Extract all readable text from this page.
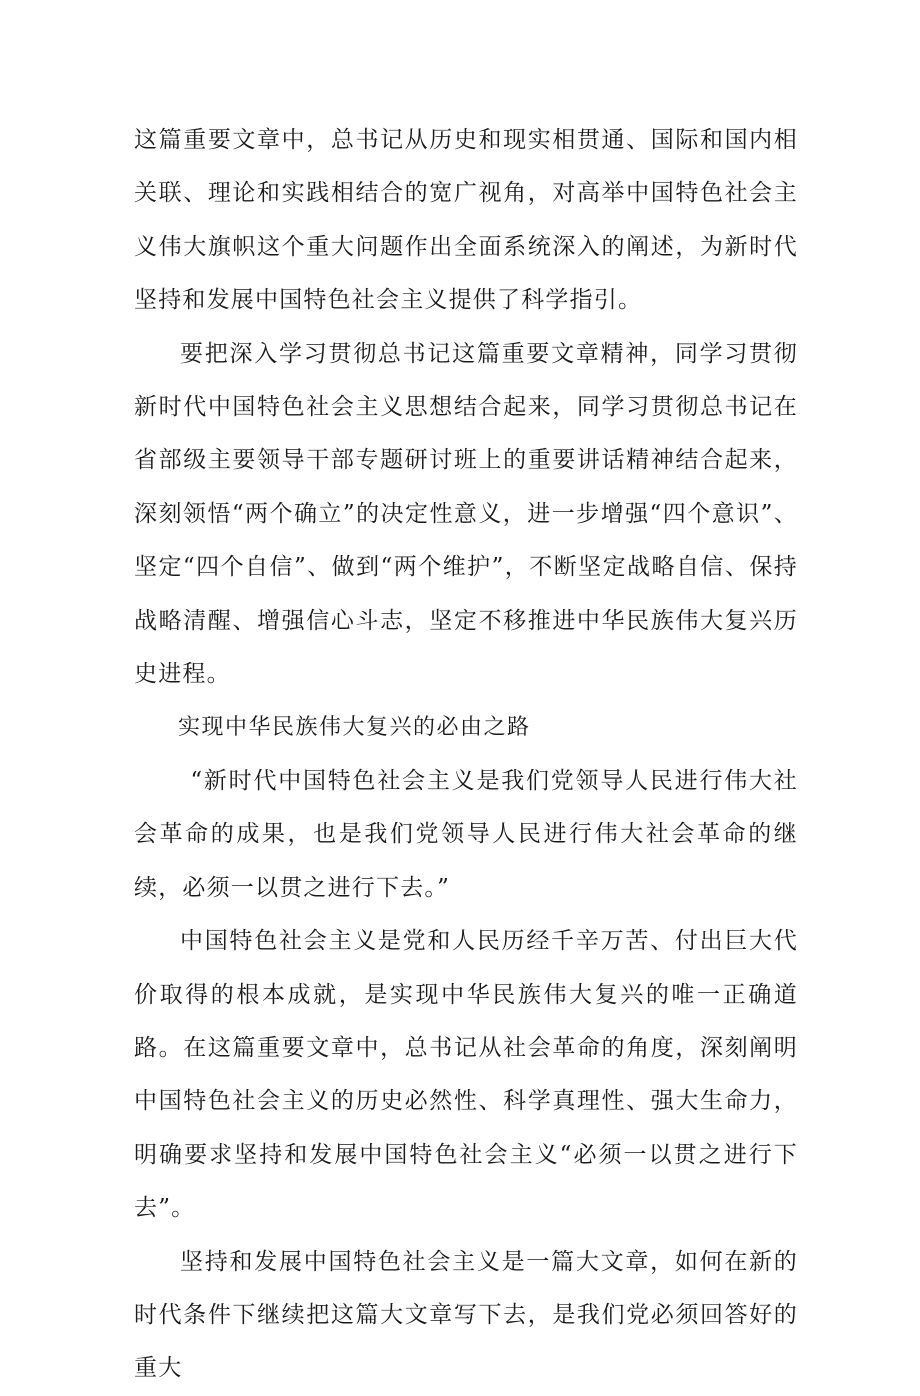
这篇重要文章中，总书记从历史和现实相贯通、国际和国内相关联、理论和实践相结合的宽广视角，对高举中国特色社会主义伟大旗帜这个重大问题作出全面系统深入的阐述，为新时代坚持和发展中国特色社会主义提供了科学指引。

要把深入学习贯彻总书记这篇重要文章精神，同学习贯彻新时代中国特色社会主义思想结合起来，同学习贯彻总书记在省部级主要领导干部专题研讨班上的重要讲话精神结合起来，深刻领悟“两个确立”的决定性意义，进一步增强“四个意识”、坚定“四个自信”、做到“两个维护”，不断坚定战略自信、保持战略清醒、增强信心斗志，坚定不移推进中华民族伟大复兴历史进程。

实现中华民族伟大复兴的必由之路

“新时代中国特色社会主义是我们党领导人民进行伟大社会革命的成果，也是我们党领导人民进行伟大社会革命的继续，必须一以贯之进行下去。”

中国特色社会主义是党和人民历经千辛万苦、付出巨大代价取得的根本成就，是实现中华民族伟大复兴的唯一正确道路。在这篇重要文章中，总书记从社会革命的角度，深刻阐明中国特色社会主义的历史必然性、科学真理性、强大生命力，明确要求坚持和发展中国特色社会主义“必须一以贯之进行下去”。

坚持和发展中国特色社会主义是一篇大文章，如何在新的时代条件下继续把这篇大文章写下去，是我们党必须回答好的重大
